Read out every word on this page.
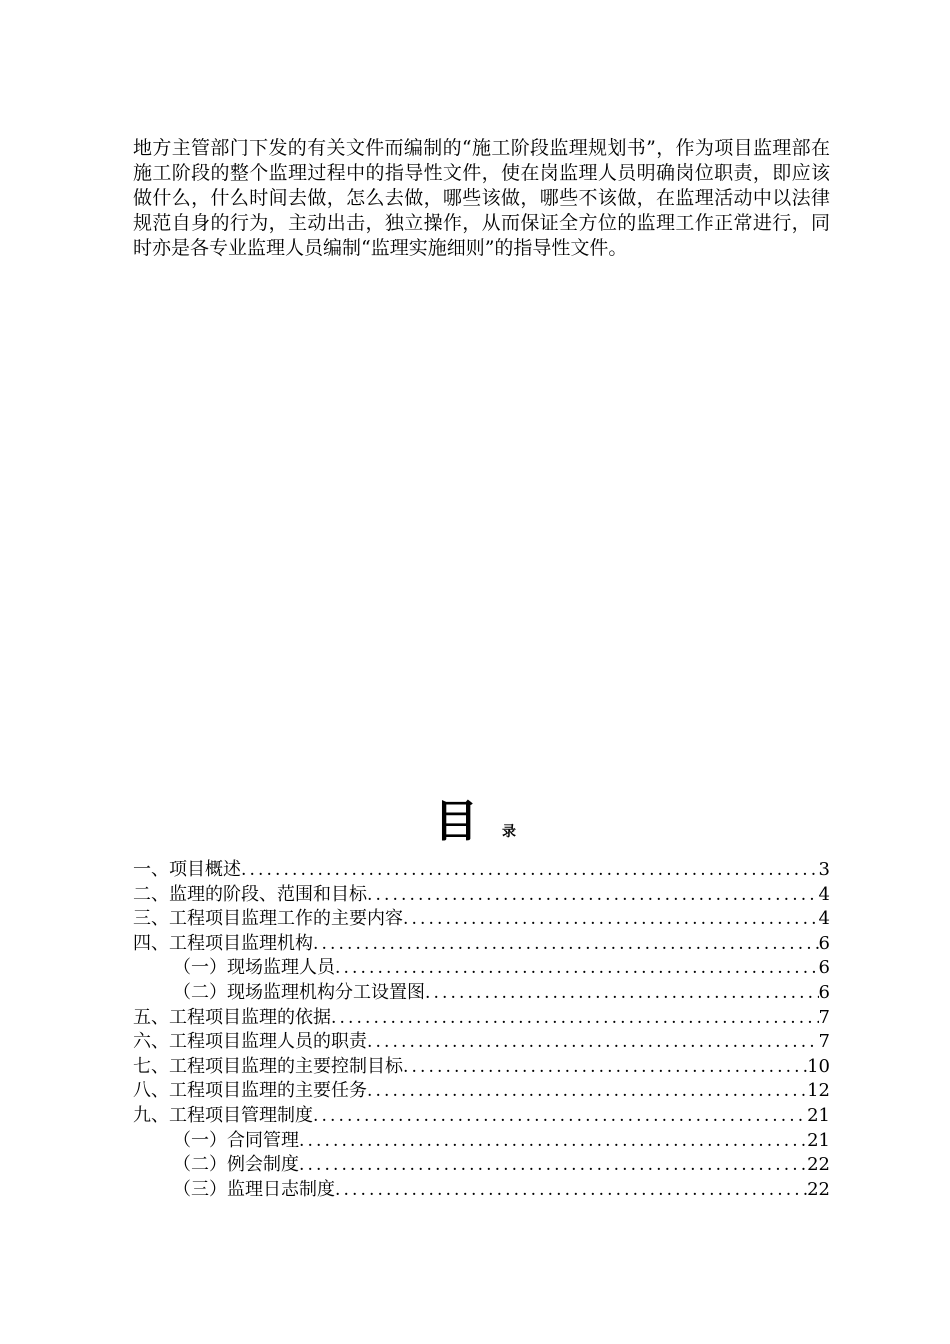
地方主管部门下发的有关文件而编制的“施工阶段监理规划书”，作为项目监理部在施工阶段的整个监理过程中的指导性文件，使在岗监理人员明确岗位职责，即应该做什么，什么时间去做，怎么去做，哪些该做，哪些不该做，在监理活动中以法律规范自身的行为，主动出击，独立操作，从而保证全方位的监理工作正常进行，同时亦是各专业监理人员编制“监理实施细则”的指导性文件。

目 录
一、项目概述 .....	3
二、监理的阶段、范围和目标 .....	4
三、工程项目监理工作的主要内容 .....	4
四、工程项目监理机构 .....	6
（一）现场监理人员 .....	6
（二）现场监理机构分工设置图 .....	6
五、工程项目监理的依据 .....	7
六、工程项目监理人员的职责 .....	7
七、工程项目监理的主要控制目标 .....	10
八、工程项目监理的主要任务 .....	12
九、工程项目管理制度 .....	21
（一）合同管理 .....	21
（二）例会制度 .....	22
（三）监理日志制度 .....	22
